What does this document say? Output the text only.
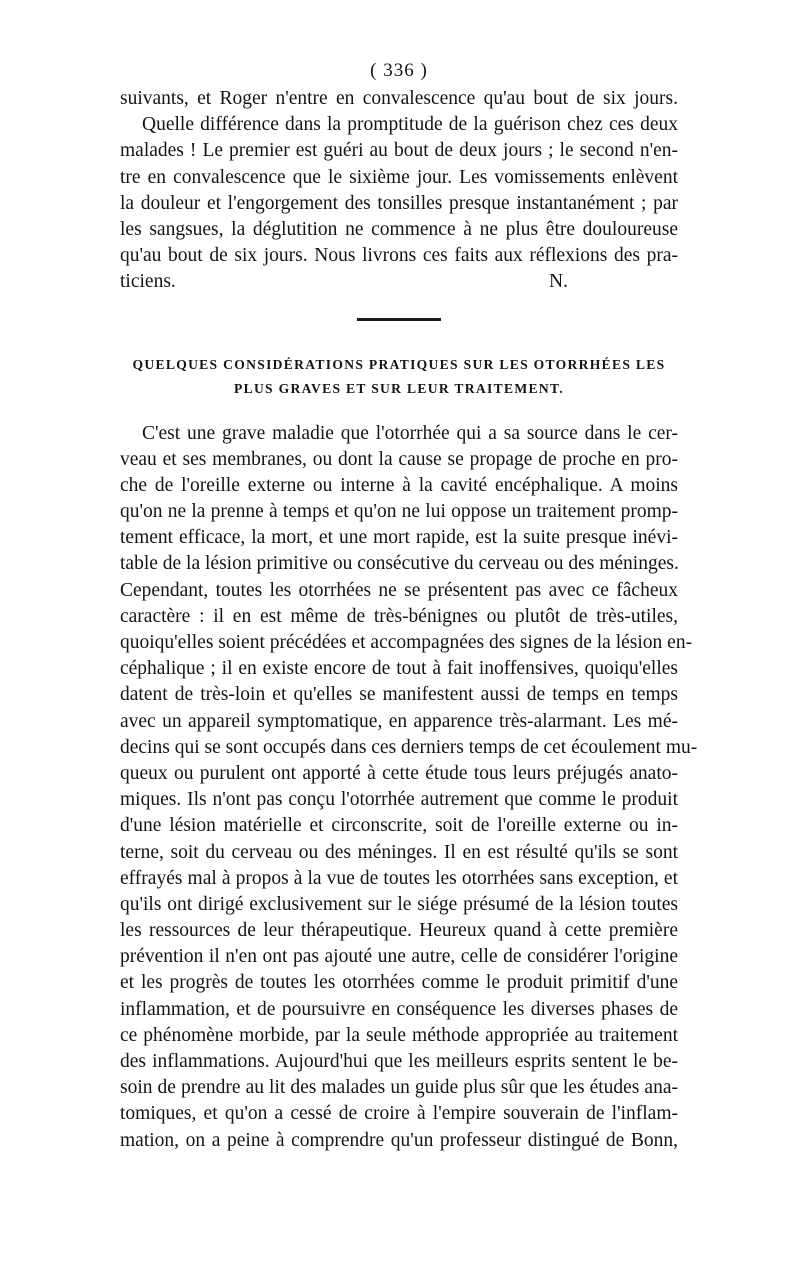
( 336 )
suivants, et Roger n'entre en convalescence qu'au bout de six jours.
Quelle différence dans la promptitude de la guérison chez ces deux
malades ! Le premier est guéri au bout de deux jours ; le second n'en-
tre en convalescence que le sixième jour. Les vomissements enlèvent
la douleur et l'engorgement des tonsilles presque instantanément ; par
les sangsues, la déglutition ne commence à ne plus être douloureuse
qu'au bout de six jours. Nous livrons ces faits aux réflexions des pra-
ticiens.	N.
QUELQUES CONSIDÉRATIONS PRATIQUES SUR LES OTORRHÉES LES
PLUS GRAVES ET SUR LEUR TRAITEMENT.
C'est une grave maladie que l'otorrhée qui a sa source dans le cer-
veau et ses membranes, ou dont la cause se propage de proche en pro-
che de l'oreille externe ou interne à la cavité encéphalique. A moins
qu'on ne la prenne à temps et qu'on ne lui oppose un traitement promp-
tement efficace, la mort, et une mort rapide, est la suite presque inévi-
table de la lésion primitive ou consécutive du cerveau ou des méninges.
Cependant, toutes les otorrhées ne se présentent pas avec ce fâcheux
caractère : il en est même de très-bénignes ou plutôt de très-utiles,
quoiqu'elles soient précédées et accompagnées des signes de la lésion en-
céphalique ; il en existe encore de tout à fait inoffensives, quoiqu'elles
datent de très-loin et qu'elles se manifestent aussi de temps en temps
avec un appareil symptomatique, en apparence très-alarmant. Les mé-
decins qui se sont occupés dans ces derniers temps de cet écoulement mu-
queux ou purulent ont apporté à cette étude tous leurs préjugés anato-
miques. Ils n'ont pas conçu l'otorrhée autrement que comme le produit
d'une lésion matérielle et circonscrite, soit de l'oreille externe ou in-
terne, soit du cerveau ou des méninges. Il en est résulté qu'ils se sont
effrayés mal à propos à la vue de toutes les otorrhées sans exception, et
qu'ils ont dirigé exclusivement sur le siége présumé de la lésion toutes
les ressources de leur thérapeutique. Heureux quand à cette première
prévention il n'en ont pas ajouté une autre, celle de considérer l'origine
et les progrès de toutes les otorrhées comme le produit primitif d'une
inflammation, et de poursuivre en conséquence les diverses phases de
ce phénomène morbide, par la seule méthode appropriée au traitement
des inflammations. Aujourd'hui que les meilleurs esprits sentent le be-
soin de prendre au lit des malades un guide plus sûr que les études ana-
tomiques, et qu'on a cessé de croire à l'empire souverain de l'inflam-
mation, on a peine à comprendre qu'un professeur distingué de Bonn,
